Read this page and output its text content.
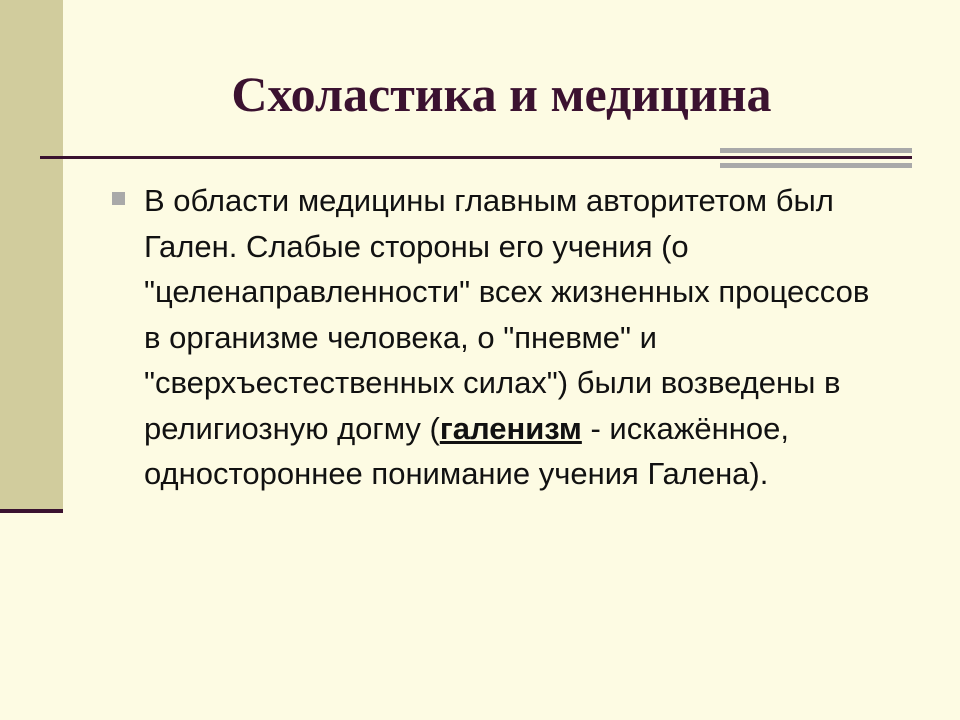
Схоластика и медицина
В области медицины главным авторитетом был Гален. Слабые стороны его учения (о "целенаправленности" всех жизненных процессов в организме человека, о "пневме" и "сверхъестественных силах") были возведены в религиозную догму (галенизм - искажённое, одностороннее понимание учения Галена).
